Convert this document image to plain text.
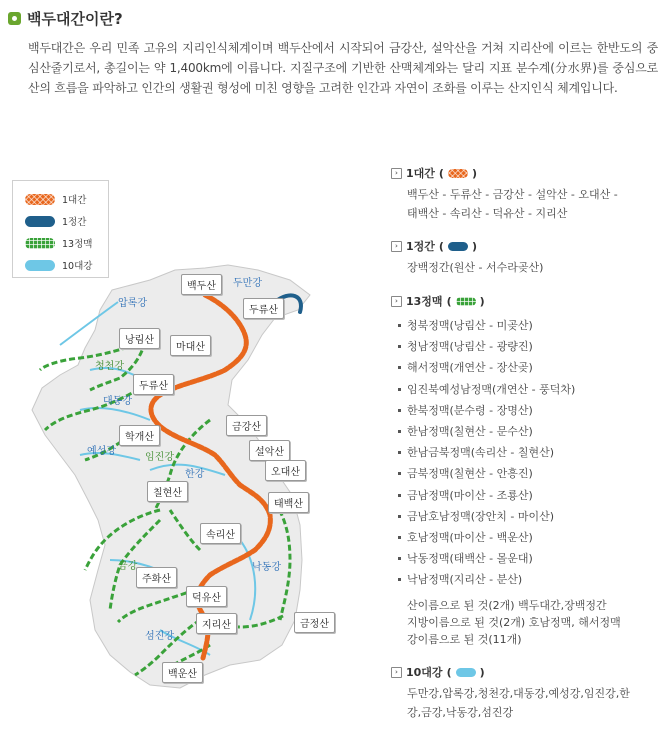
백두대간이란?
백두대간은 우리 민족 고유의 지리인식체계이며 백두산에서 시작되어 금강산, 설악산을 거쳐 지리산에 이르는 한반도의 중심산줄기로서, 총길이는 약 1,400km에 이릅니다. 지질구조에 기반한 산맥체계와는 달리 지표 분수계(分水界)를 중심으로 산의 흐름을 파악하고 인간의 생활권 형성에 미친 영향을 고려한 인간과 자연이 조화를 이루는 산지인식 체계입니다.
1대간
1정간
13정맥
10대강
백두산
두류산
낭림산
마대산
두류산
학개산
금강산
설악산
오대산
태백산
칠현산
속리산
주화산
덕유산
지리산	금정산
백운산
두만강
압록강
청천강
대동강
예성강
임진강
한강
금강	낙동강
섬진강
› 1대간 (	)
백두산 - 두류산 - 금강산 - 설악산 - 오대산 -
태백산 - 속리산 - 덕유산 - 지리산
› 1정간 (	)
장백정간(원산 - 서수라곶산)
› 13정맥 (	)
청북정맥(낭림산 - 미곶산)
청남정맥(낭림산 - 광량진)
해서정맥(개연산 - 장산곶)
임진북예성남정맥(개연산 - 풍덕차)
한북정맥(분수령 - 장명산)
한남정맥(칠현산 - 문수산)
한남금북정맥(속리산 - 칠현산)
금북정맥(칠현산 - 안흥진)
금남정맥(마이산 - 조룡산)
금남호남정맥(장안치 - 마이산)
호남정맥(마이산 - 백운산)
낙동정맥(태백산 - 몰운대)
낙남정맥(지리산 - 분산)
산이름으로 된 것(2개) 백두대간,장백정간
지방이름으로 된 것(2개) 호남정맥, 해서정맥
강이름으로 된 것(11개)
› 10대강 (	)
두만강,압록강,청천강,대동강,예성강,임진강,한
강,금강,낙동강,섬진강
